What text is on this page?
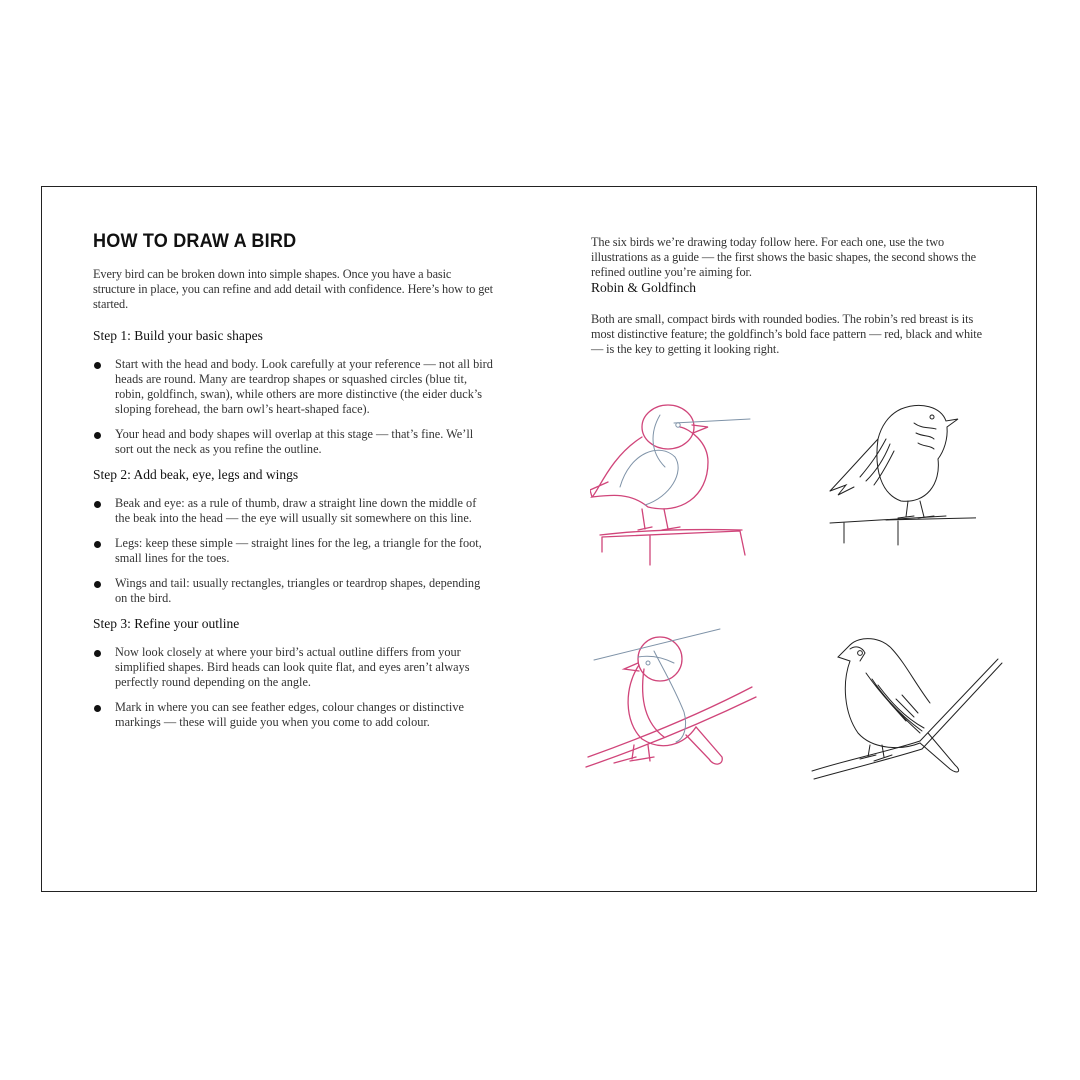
HOW TO DRAW A BIRD

Every bird can be broken down into simple shapes. Once you have a basic structure in place, you can refine and add detail with confidence. Here’s how to get started.

Step 1: Build your basic shapes
Start with the head and body. Look carefully at your reference — not all bird heads are round. Many are teardrop shapes or squashed circles (blue tit, robin, goldfinch, swan), while others are more distinctive (the eider duck’s sloping forehead, the barn owl’s heart-shaped face).
Your head and body shapes will overlap at this stage — that’s fine. We’ll sort out the neck as you refine the outline.
Step 2: Add beak, eye, legs and wings
Beak and eye: as a rule of thumb, draw a straight line down the middle of the beak into the head — the eye will usually sit somewhere on this line.
Legs: keep these simple — straight lines for the leg, a triangle for the foot, small lines for the toes.
Wings and tail: usually rectangles, triangles or teardrop shapes, depending on the bird.
Step 3: Refine your outline
Now look closely at where your bird’s actual outline differs from your simplified shapes. Bird heads can look quite flat, and eyes aren’t always perfectly round depending on the angle.
Mark in where you can see feather edges, colour changes or distinctive markings — these will guide you when you come to add colour.

The six birds we’re drawing today follow here. For each one, use the two illustrations as a guide — the first shows the basic shapes, the second shows the refined outline you’re aiming for.

Robin & Goldfinch

Both are small, compact birds with rounded bodies. The robin’s red breast is its most distinctive feature; the goldfinch’s bold face pattern — red, black and white — is the key to getting it looking right.
